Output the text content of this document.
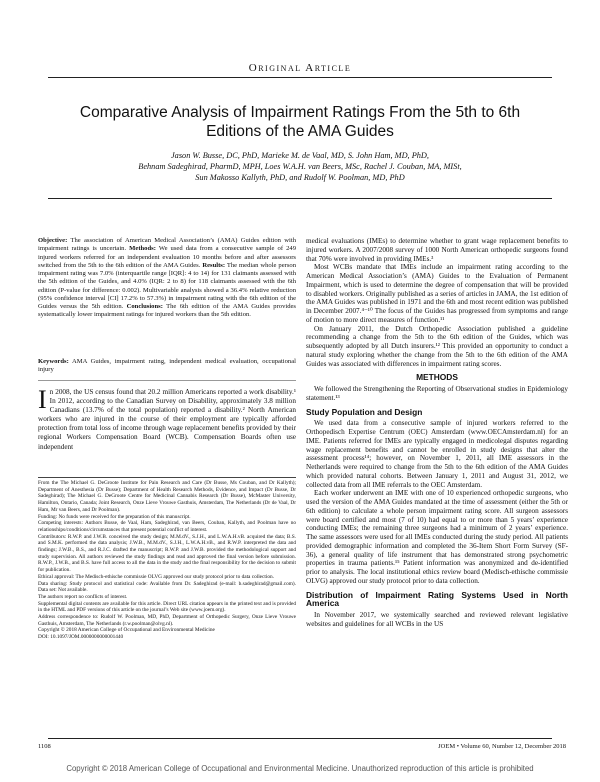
Original Article
Comparative Analysis of Impairment Ratings From the 5th to 6th Editions of the AMA Guides
Jason W. Busse, DC, PhD, Marieke M. de Vaal, MD, S. John Ham, MD, PhD,
Behnam Sadeghirad, PharmD, MPH, Loes W.A.H. van Beers, MSc, Rachel J. Couban, MA, MISt,
Sun Makosso Kallyth, PhD, and Rudolf W. Poolman, MD, PhD

Objective: The association of American Medical Association’s (AMA) Guides edition with impairment ratings is uncertain. Methods: We used data from a consecutive sample of 249 injured workers referred for an independent evaluation 10 months before and after assessors switched from the 5th to the 6th edition of the AMA Guides. Results: The median whole person impairment rating was 7.0% (interquartile range [IQR]: 4 to 14) for 131 claimants assessed with the 5th edition of the Guides, and 4.0% (IQR: 2 to 8) for 118 claimants assessed with the 6th edition (P-value for difference: 0.002). Multivariable analysis showed a 36.4% relative reduction (95% confidence interval [CI] 17.2% to 57.3%) in impairment rating with the 6th edition of the Guides versus the 5th edition. Conclusions: The 6th edition of the AMA Guides provides systematically lower impairment ratings for injured workers than the 5th edition.

Keywords: AMA Guides, impairment rating, independent medical evaluation, occupational injury

I n 2008, the US census found that 20.2 million Americans reported a work disability.¹ In 2012, according to the Canadian Survey on Disability, approximately 3.8 million Canadians (13.7% of the total population) reported a disability.² North American workers who are injured in the course of their employment are typically afforded protection from total loss of income through wage replacement benefits provided by their regional Workers Compensation Board (WCB). Compensation Boards often use independent

From the The Michael G. DeGroote Institute for Pain Research and Care (Dr Busse, Ms Couban, and Dr Kallyth); Department of Anesthesia (Dr Busse); Department of Health Research Methods, Evidence, and Impact (Dr Busse, Dr Sadeghirad); The Michael G. DeGroote Centre for Medicinal Cannabis Research (Dr Busse), McMaster University, Hamilton, Ontario, Canada; Joint Research, Onze Lieve Vrouwe Gasthuis, Amsterdam, The Netherlands (Dr de Vaal, Dr Ham, Mr van Beers, and Dr Poolman).

Funding: No funds were received for the preparation of this manuscript.

Competing interests: Authors Busse, de Vaal, Ham, Sadeghirad, van Beers, Couban, Kallyth, and Poolman have no relationships/conditions/circumstances that present potential conflict of interest.

Contributors: R.W.P. and J.W.B. conceived the study design; M.M.dV., S.J.H., and L.W.A.H.vB. acquired the data; B.S. and S.M.K. performed the data analysis; J.W.B., M.M.dV., S.J.H., L.W.A.H.vB., and R.W.P. interpreted the data and findings; J.W.B., B.S., and R.J.C. drafted the manuscript; R.W.P. and J.W.B. provided the methodological support and study supervision. All authors reviewed the study findings and read and approved the final version before submission. R.W.P., J.W.B., and B.S. have full access to all the data in the study and the final responsibility for the decision to submit for publication.

Ethical approval: The Medisch-ethische commissie OLVG approved our study protocol prior to data collection.

Data sharing: Study protocol and statistical code: Available from Dr. Sadeghirad (e-mail: b.sadeghirad@gmail.com). Data set: Not available.

The authors report no conflicts of interest.

Supplemental digital contents are available for this article. Direct URL citation appears in the printed text and is provided in the HTML and PDF versions of this article on the journal’s Web site (www.joem.org).

Address correspondence to: Rudolf W. Poolman, MD, PhD, Department of Orthopedic Surgery, Onze Lieve Vrouwe Gasthuis, Amsterdam, The Netherlands (r.w.poolman@olvg.nl).

Copyright © 2018 American College of Occupational and Environmental Medicine

DOI: 10.1097/JOM.0000000000001440

medical evaluations (IMEs) to determine whether to grant wage replacement benefits to injured workers. A 2007/2008 survey of 1000 North American orthopedic surgeons found that 70% were involved in providing IMEs.³

Most WCBs mandate that IMEs include an impairment rating according to the American Medical Association’s (AMA) Guides to the Evaluation of Permanent Impairment, which is used to determine the degree of compensation that will be provided to disabled workers. Originally published as a series of articles in JAMA, the 1st edition of the AMA Guides was published in 1971 and the 6th and most recent edition was published in December 2007.⁴⁻¹⁰ The focus of the Guides has progressed from symptoms and range of motion to more direct measures of function.¹¹

On January 2011, the Dutch Orthopedic Association published a guideline recommending a change from the 5th to the 6th edition of the Guides, which was subsequently adopted by all Dutch insurers.¹² This provided an opportunity to conduct a natural study exploring whether the change from the 5th to the 6th edition of the AMA Guides was associated with differences in impairment rating scores.

METHODS

We followed the Strengthening the Reporting of Observational studies in Epidemiology statement.¹³

Study Population and Design

We used data from a consecutive sample of injured workers referred to the Orthopedisch Expertise Centrum (OEC) Amsterdam (www.OECAmsterdam.nl) for an IME. Patients referred for IMEs are typically engaged in medicolegal disputes regarding wage replacement benefits and cannot be enrolled in study designs that alter the assessment process¹⁴; however, on November 1, 2011, all IME assessors in the Netherlands were required to change from the 5th to the 6th edition of the AMA Guides which provided natural cohorts. Between January 1, 2011 and August 31, 2012, we collected data from all IME referrals to the OEC Amsterdam.

Each worker underwent an IME with one of 10 experienced orthopedic surgeons, who used the version of the AMA Guides mandated at the time of assessment (either the 5th or 6th edition) to calculate a whole person impairment rating score. All surgeon assessors were board certified and most (7 of 10) had equal to or more than 5 years’ experience conducting IMEs; the remaining three surgeons had a minimum of 2 years’ experience. The same assessors were used for all IMEs conducted during the study period. All patients provided demographic information and completed the 36-Item Short Form Survey (SF-36), a general quality of life instrument that has demonstrated strong psychometric properties in trauma patients.¹⁵ Patient information was anonymized and de-identified prior to analysis. The local institutional ethics review board (Medisch-ethische commissie OLVG) approved our study protocol prior to data collection.

Distribution of Impairment Rating Systems Used in North America

In November 2017, we systemically searched and reviewed relevant legislative websites and guidelines for all WCBs in the US

1108	JOEM • Volume 60, Number 12, December 2018
Copyright © 2018 American College of Occupational and Environmental Medicine. Unauthorized reproduction of this article is prohibited
